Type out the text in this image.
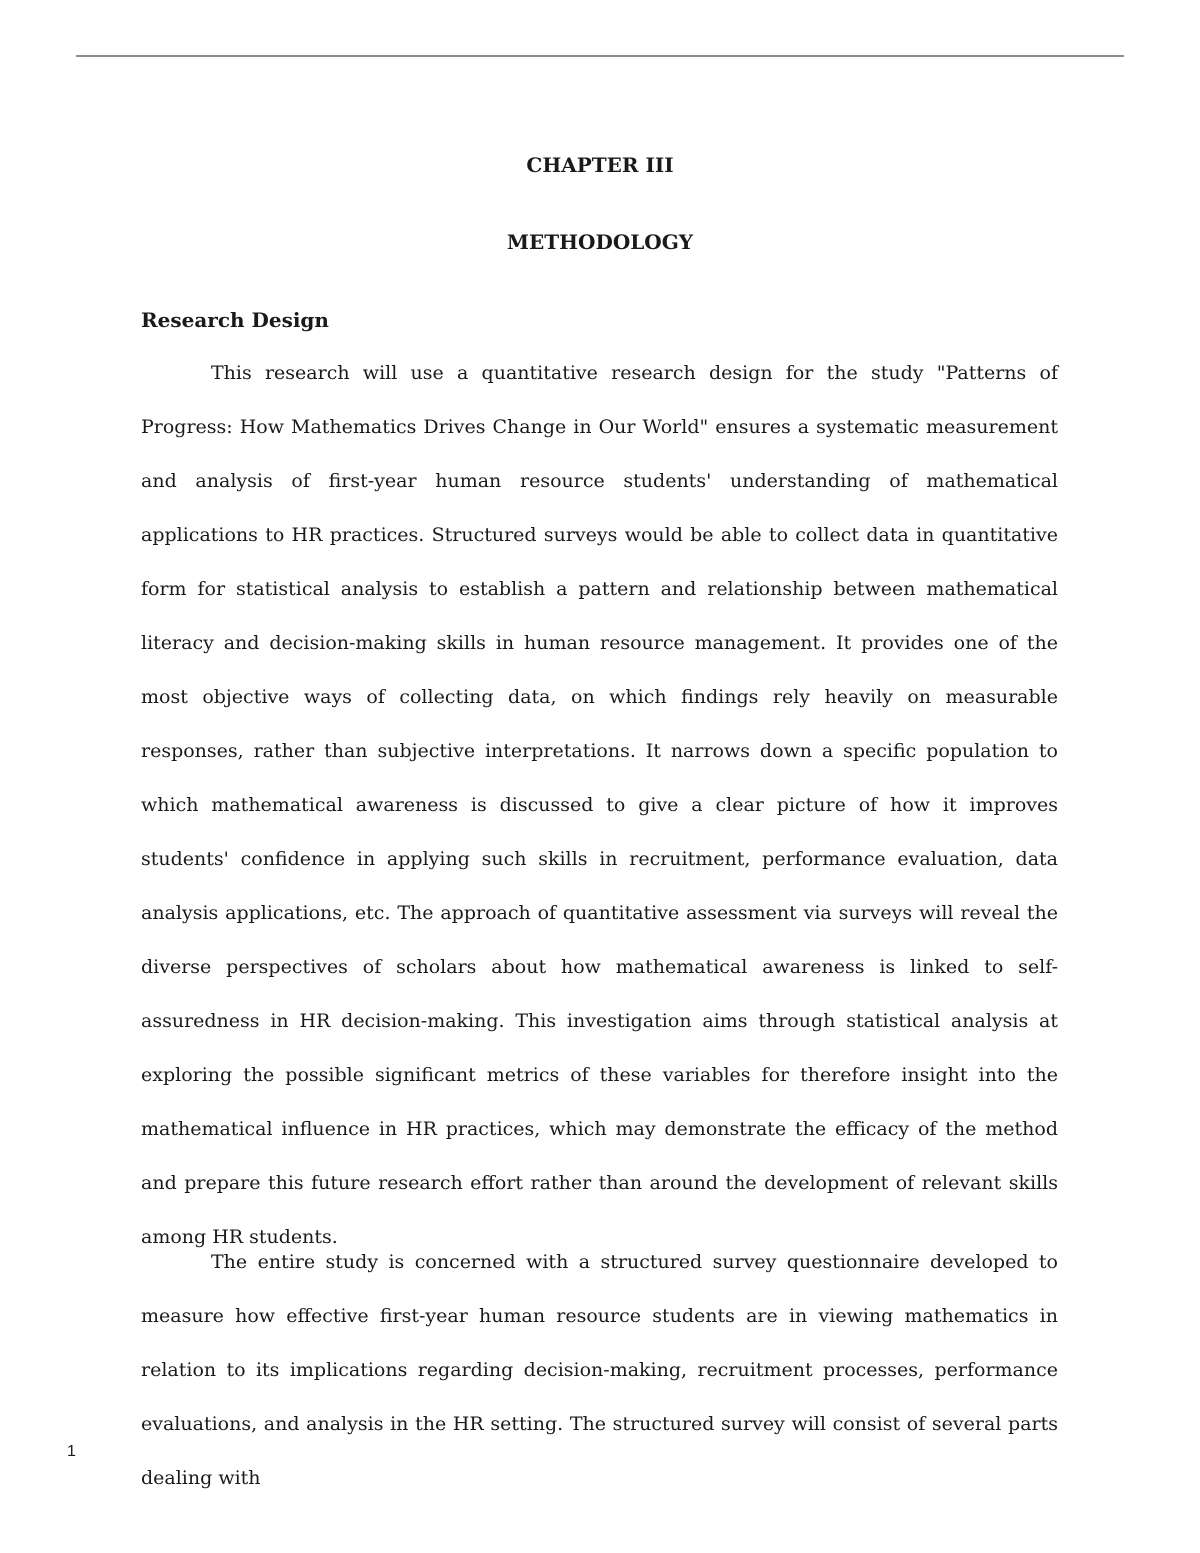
CHAPTER III
METHODOLOGY
Research Design

This research will use a quantitative research design for the study "Patterns of Progress: How Mathematics Drives Change in Our World" ensures a systematic measurement and analysis of first-year human resource students' understanding of mathematical applications to HR practices. Structured surveys would be able to collect data in quantitative form for statistical analysis to establish a pattern and relationship between mathematical literacy and decision-making skills in human resource management. It provides one of the most objective ways of collecting data, on which findings rely heavily on measurable responses, rather than subjective interpretations. It narrows down a specific population to which mathematical awareness is discussed to give a clear picture of how it improves students' confidence in applying such skills in recruitment, performance evaluation, data analysis applications, etc. The approach of quantitative assessment via surveys will reveal the diverse perspectives of scholars about how mathematical awareness is linked to self-assuredness in HR decision-making. This investigation aims through statistical analysis at exploring the possible significant metrics of these variables for therefore insight into the mathematical influence in HR practices, which may demonstrate the efficacy of the method and prepare this future research effort rather than around the development of relevant skills among HR students.

The entire study is concerned with a structured survey questionnaire developed to measure how effective first-year human resource students are in viewing mathematics in relation to its implications regarding decision-making, recruitment processes, performance evaluations, and analysis in the HR setting. The structured survey will consist of several parts dealing with

1
